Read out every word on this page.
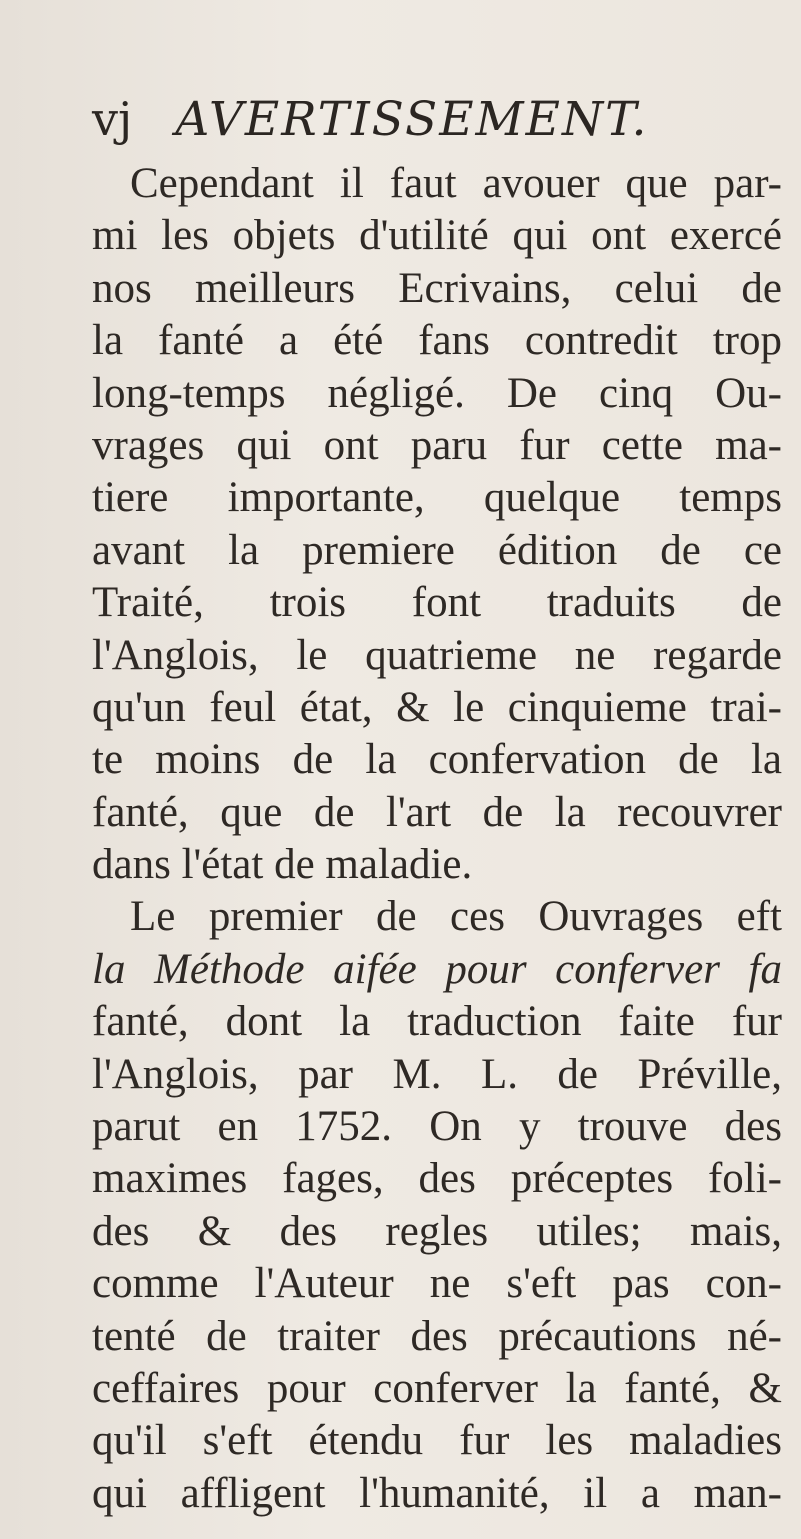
vj AVERTISSEMENT.
Cependant il faut avouer que par-
mi les objets d'utilité qui ont exercé
nos meilleurs Ecrivains, celui de
la fanté a été fans contredit trop
long-temps négligé. De cinq Ou-
vrages qui ont paru fur cette ma-
tiere importante, quelque temps
avant la premiere édition de ce
Traité, trois font traduits de
l'Anglois, le quatrieme ne regarde
qu'un feul état, & le cinquieme trai-
te moins de la confervation de la
fanté, que de l'art de la recouvrer
dans l'état de maladie.
Le premier de ces Ouvrages eft
la Méthode aifée pour conferver fa
fanté, dont la traduction faite fur
l'Anglois, par M. L. de Préville,
parut en 1752. On y trouve des
maximes fages, des préceptes foli-
des & des regles utiles; mais,
comme l'Auteur ne s'eft pas con-
tenté de traiter des précautions né-
ceffaires pour conferver la fanté, &
qu'il s'eft étendu fur les maladies
qui affligent l'humanité, il a man-
